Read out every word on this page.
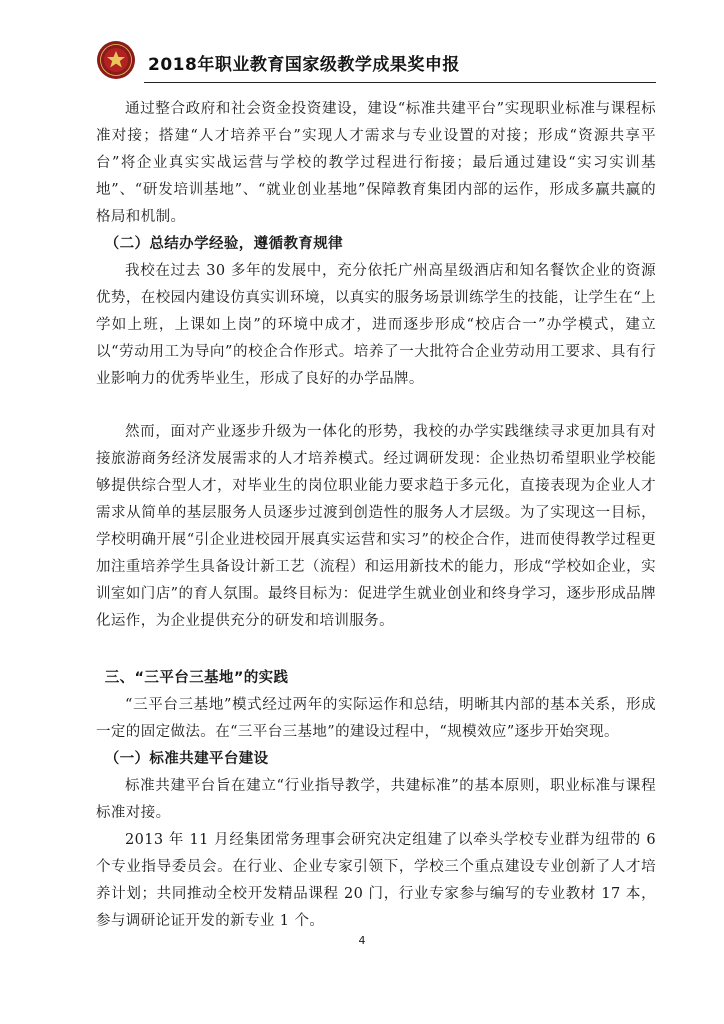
2018年职业教育国家级教学成果奖申报

通过整合政府和社会资金投资建设，建设“标准共建平台”实现职业标准与课程标准对接；搭建“人才培养平台”实现人才需求与专业设置的对接；形成“资源共享平台”将企业真实实战运营与学校的教学过程进行衔接；最后通过建设“实习实训基地”、“研发培训基地”、“就业创业基地”保障教育集团内部的运作，形成多赢共赢的格局和机制。

（二）总结办学经验，遵循教育规律

我校在过去 30 多年的发展中，充分依托广州高星级酒店和知名餐饮企业的资源优势，在校园内建设仿真实训环境，以真实的服务场景训练学生的技能，让学生在“上学如上班，上课如上岗”的环境中成才，进而逐步形成“校店合一”办学模式，建立以“劳动用工为导向”的校企合作形式。培养了一大批符合企业劳动用工要求、具有行业影响力的优秀毕业生，形成了良好的办学品牌。

然而，面对产业逐步升级为一体化的形势，我校的办学实践继续寻求更加具有对接旅游商务经济发展需求的人才培养模式。经过调研发现：企业热切希望职业学校能够提供综合型人才，对毕业生的岗位职业能力要求趋于多元化，直接表现为企业人才需求从简单的基层服务人员逐步过渡到创造性的服务人才层级。为了实现这一目标，学校明确开展“引企业进校园开展真实运营和实习”的校企合作，进而使得教学过程更加注重培养学生具备设计新工艺（流程）和运用新技术的能力，形成“学校如企业，实训室如门店”的育人氛围。最终目标为：促进学生就业创业和终身学习，逐步形成品牌化运作，为企业提供充分的研发和培训服务。

三、“三平台三基地”的实践

“三平台三基地”模式经过两年的实际运作和总结，明晰其内部的基本关系，形成一定的固定做法。在“三平台三基地”的建设过程中，“规模效应”逐步开始突现。

（一）标准共建平台建设

标准共建平台旨在建立“行业指导教学，共建标准”的基本原则，职业标准与课程标准对接。

2013 年 11 月经集团常务理事会研究决定组建了以牵头学校专业群为纽带的 6 个专业指导委员会。在行业、企业专家引领下，学校三个重点建设专业创新了人才培养计划；共同推动全校开发精品课程 20 门，行业专家参与编写的专业教材 17 本，参与调研论证开发的新专业 1 个。

4
